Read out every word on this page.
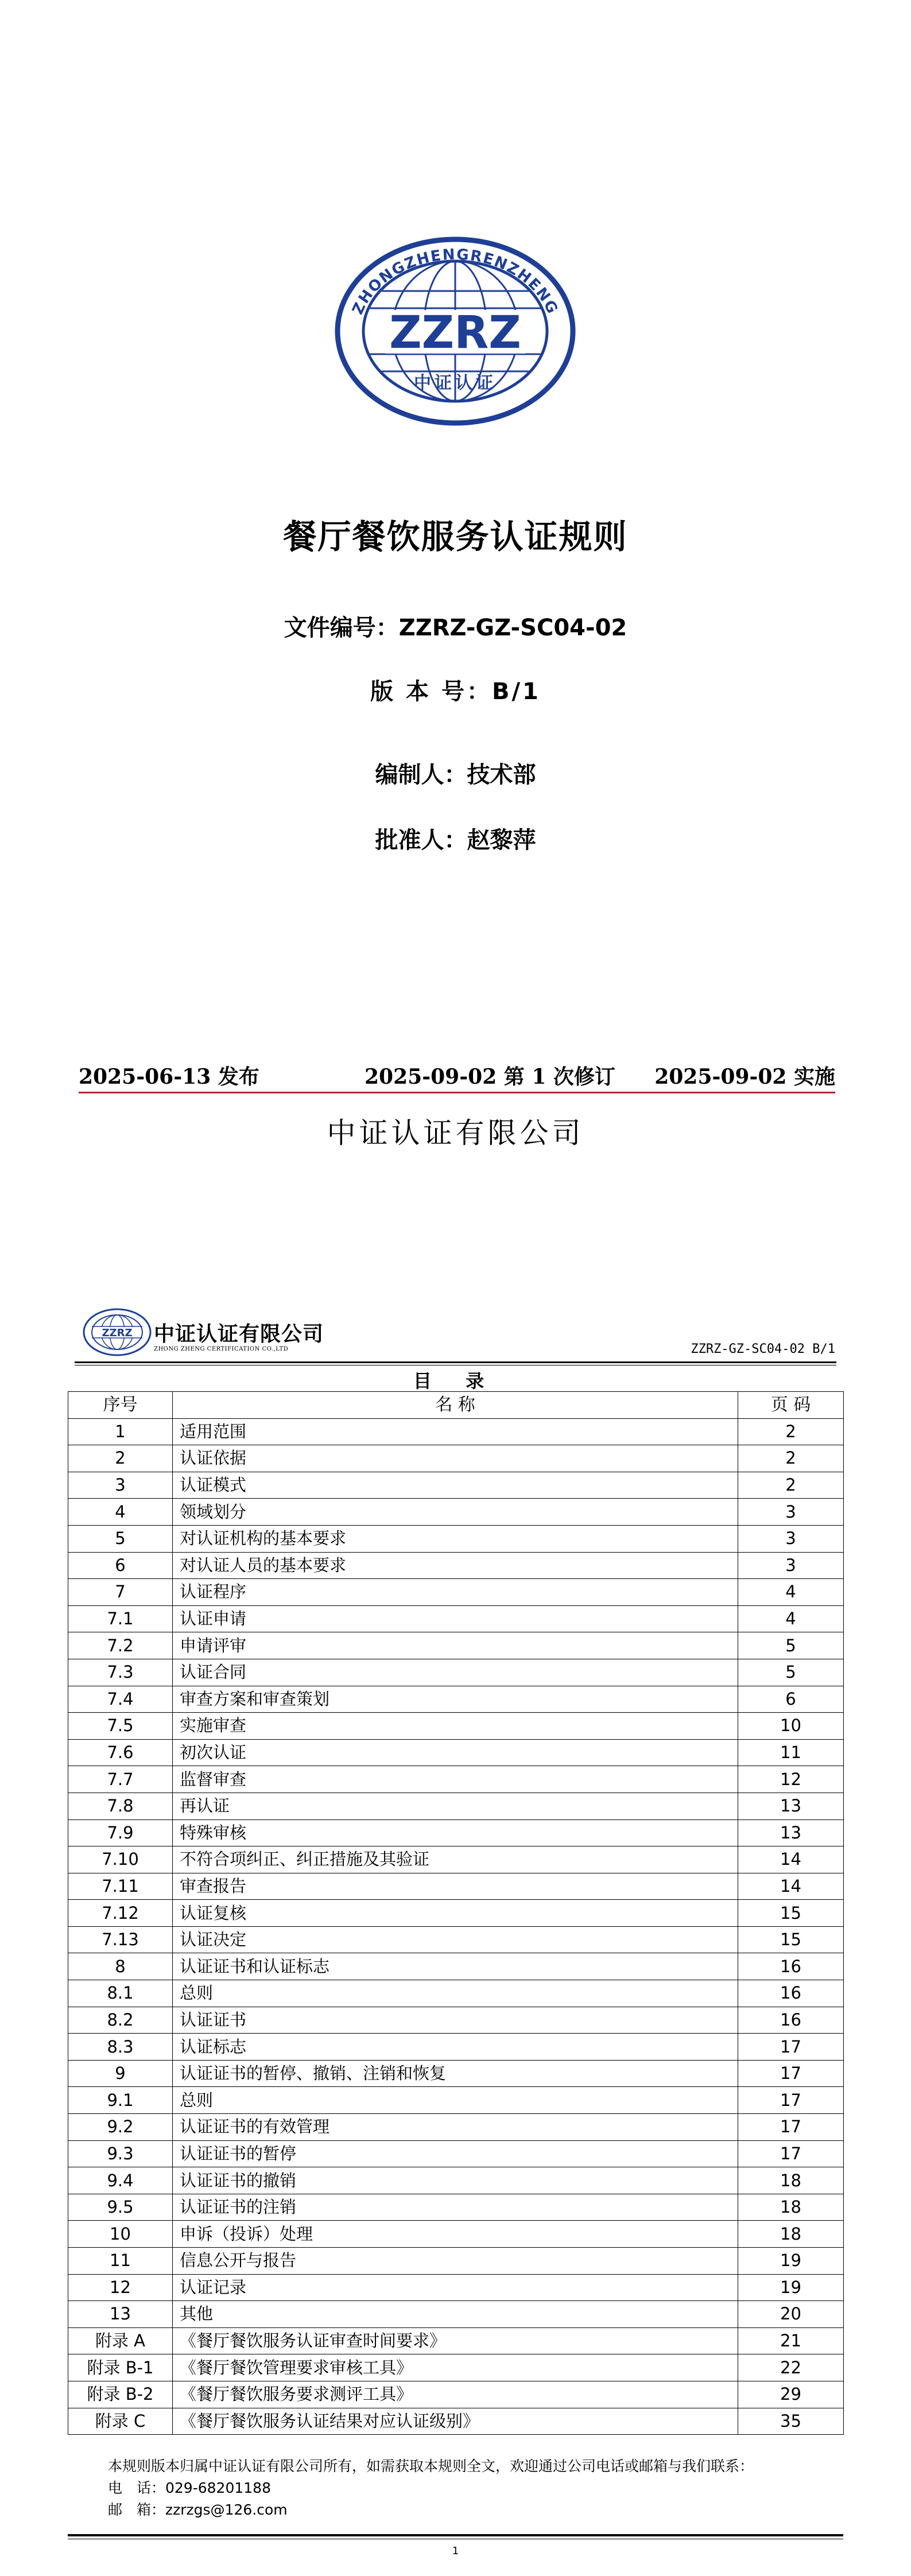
ZHONGZHENGRENZHENG
ZZRZ
中证认证
餐厅餐饮服务认证规则
文件编号：ZZRZ-GZ-SC04-02
版 本 号：B/1
编制人：技术部
批准人：赵黎萍
2025-06-13 发布	2025-09-02 第 1 次修订 2025-09-02 实施
中证认证有限公司
ZZRZ 中证认证有限公司
ZHONG ZHENG CERTIFICATION CO.,LTD	ZZRZ-GZ-SC04-02 B/1
目 录
序号	名 称	页 码
1	适用范围	2
2	认证依据	2
3	认证模式	2
4	领域划分	3
5	对认证机构的基本要求	3
6	对认证人员的基本要求	3
7	认证程序	4
7.1	认证申请	4
7.2	申请评审	5
7.3	认证合同	5
7.4	审查方案和审查策划	6
7.5	实施审查	10
7.6	初次认证	11
7.7	监督审查	12
7.8	再认证	13
7.9	特殊审核	13
7.10	不符合项纠正、纠正措施及其验证	14
7.11	审查报告	14
7.12	认证复核	15
7.13	认证决定	15
8	认证证书和认证标志	16
8.1	总则	16
8.2	认证证书	16
8.3	认证标志	17
9	认证证书的暂停、撤销、注销和恢复	17
9.1	总则	17
9.2	认证证书的有效管理	17
9.3	认证证书的暂停	17
9.4	认证证书的撤销	18
9.5	认证证书的注销	18
10	申诉（投诉）处理	18
11	信息公开与报告	19
12	认证记录	19
13	其他	20
附录 A	《餐厅餐饮服务认证审查时间要求》	21
附录 B-1	《餐厅餐饮管理要求审核工具》	22
附录 B-2	《餐厅餐饮服务要求测评工具》	29
附录 C	《餐厅餐饮服务认证结果对应认证级别》	35
本规则版本归属中证认证有限公司所有，如需获取本规则全文，欢迎通过公司电话或邮箱与我们联系：
电　话：029-68201188
邮　箱：zzrzgs@126.com
1
